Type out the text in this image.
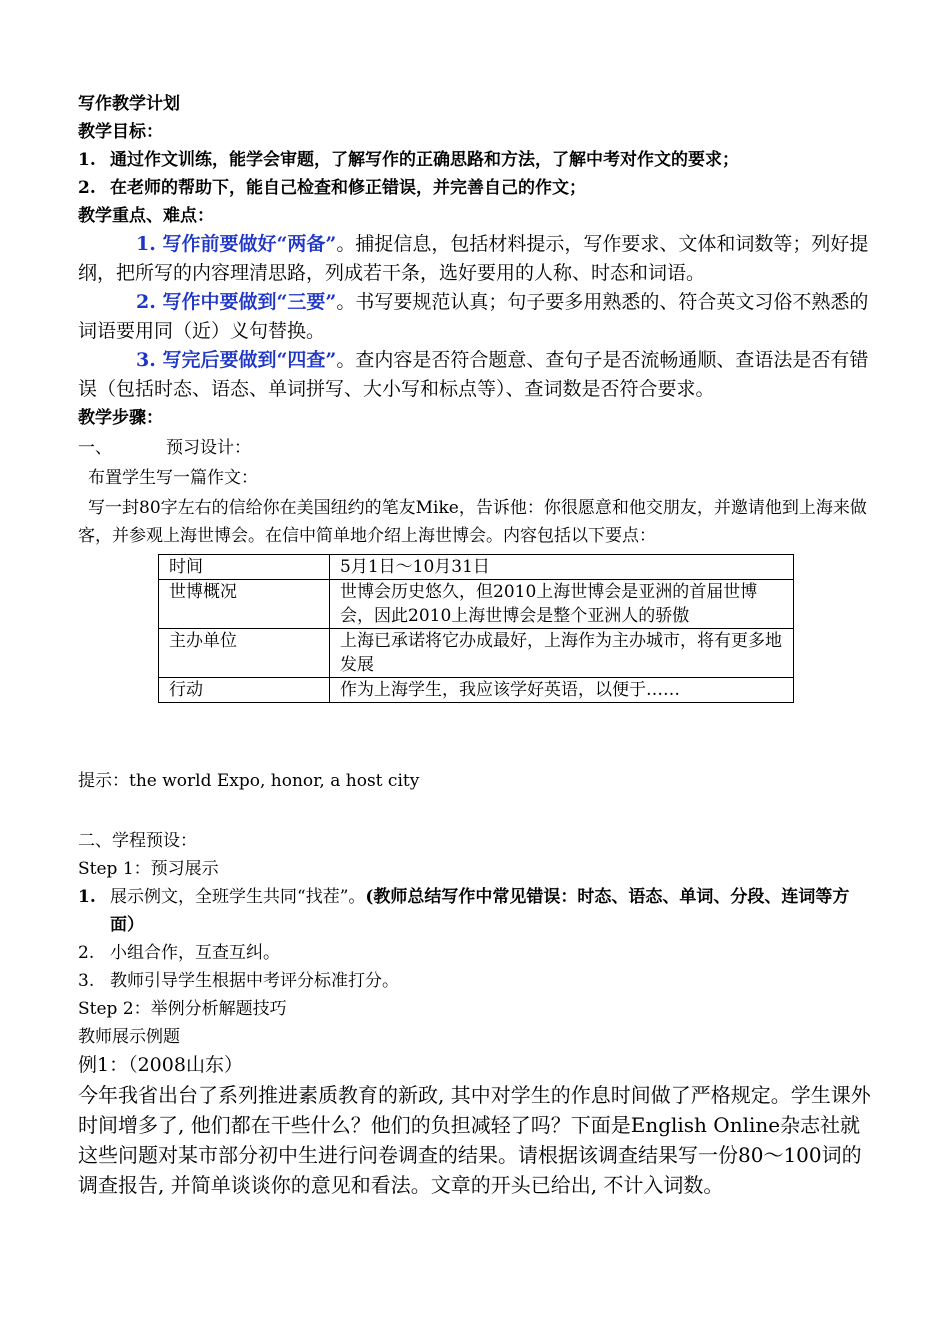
写作教学计划

教学目标：

1. 通过作文训练，能学会审题，了解写作的正确思路和方法，了解中考对作文的要求；
2. 在老师的帮助下，能自己检查和修正错误，并完善自己的作文；

教学重点、难点：

1. 写作前要做好“两备”。捕捉信息，包括材料提示，写作要求、文体和词数等；列好提纲，把所写的内容理清思路，列成若干条，选好要用的人称、时态和词语。

2. 写作中要做到“三要”。书写要规范认真；句子要多用熟悉的、符合英文习俗不熟悉的词语要用同（近）义句替换。

3. 写完后要做到“四查”。查内容是否符合题意、查句子是否流畅通顺、查语法是否有错误（包括时态、语态、单词拼写、大小写和标点等）、查词数是否符合要求。

教学步骤：

一、	预习设计：

布置学生写一篇作文：

写一封80字左右的信给你在美国纽约的笔友Mike，告诉他：你很愿意和他交朋友，并邀请他到上海来做客，并参观上海世博会。在信中简单地介绍上海世博会。内容包括以下要点：

时间	5月1日～10月31日
世博概况	世博会历史悠久，但2010上海世博会是亚洲的首届世博会，因此2010上海世博会是整个亚洲人的骄傲
主办单位	上海已承诺将它办成最好，上海作为主办城市，将有更多地发展
行动	作为上海学生，我应该学好英语，以便于……

提示：the world Expo, honor, a host city

二、学程预设：

Step 1：预习展示

1. 展示例文，全班学生共同“找茬”。(教师总结写作中常见错误：时态、语态、单词、分段、连词等方面）
2. 小组合作，互查互纠。
3. 教师引导学生根据中考评分标准打分。

Step 2：举例分析解题技巧

教师展示例题

例1：（2008山东）

今年我省出台了系列推进素质教育的新政, 其中对学生的作息时间做了严格规定。学生课外时间增多了, 他们都在干些什么？他们的负担减轻了吗？下面是English Online杂志社就这些问题对某市部分初中生进行问卷调查的结果。请根据该调查结果写一份80～100词的调查报告, 并简单谈谈你的意见和看法。文章的开头已给出, 不计入词数。
